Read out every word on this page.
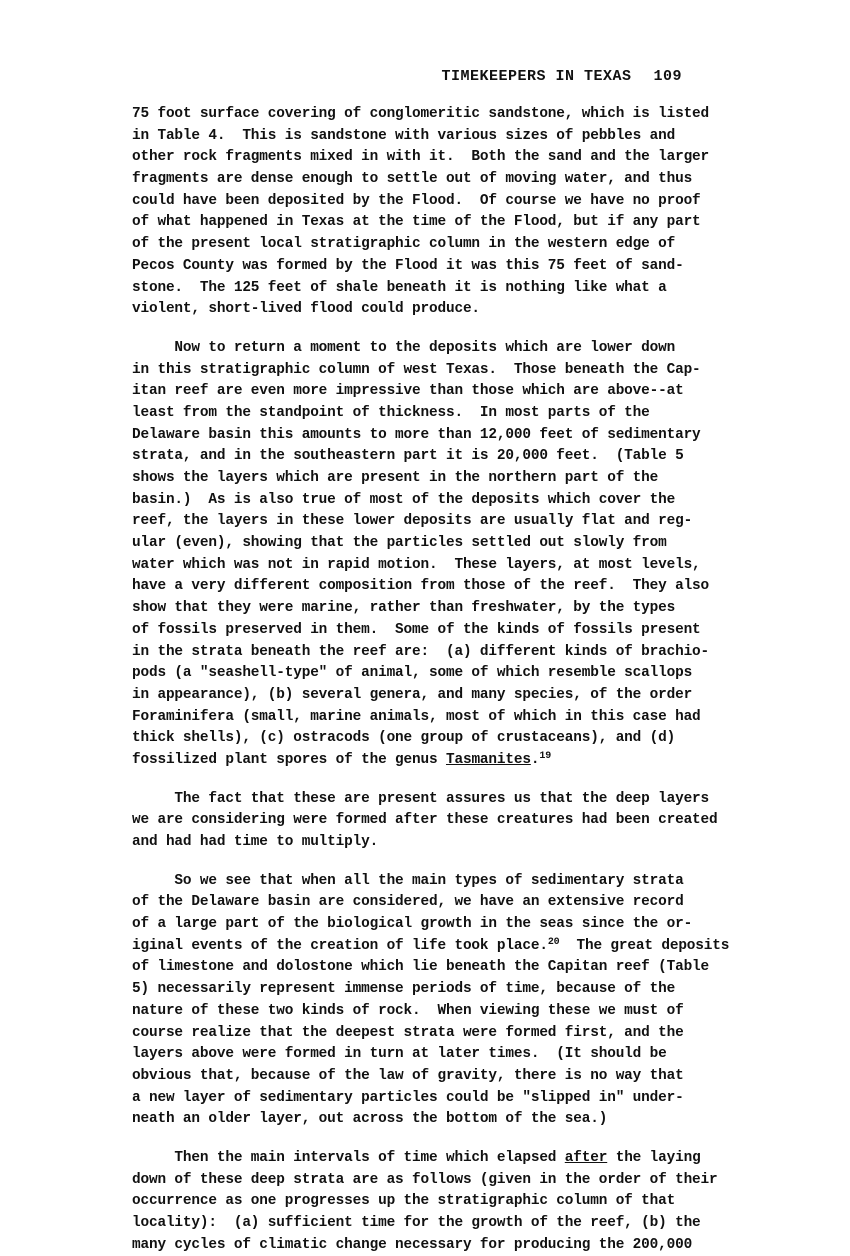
TIMEKEEPERS IN TEXAS 109
75 foot surface covering of conglomeritic sandstone, which is listed
in Table 4.  This is sandstone with various sizes of pebbles and
other rock fragments mixed in with it.  Both the sand and the larger
fragments are dense enough to settle out of moving water, and thus
could have been deposited by the Flood.  Of course we have no proof
of what happened in Texas at the time of the Flood, but if any part
of the present local stratigraphic column in the western edge of
Pecos County was formed by the Flood it was this 75 feet of sand-
stone.  The 125 feet of shale beneath it is nothing like what a
violent, short-lived flood could produce.
Now to return a moment to the deposits which are lower down
in this stratigraphic column of west Texas.  Those beneath the Cap-
itan reef are even more impressive than those which are above--at
least from the standpoint of thickness.  In most parts of the
Delaware basin this amounts to more than 12,000 feet of sedimentary
strata, and in the southeastern part it is 20,000 feet.  (Table 5
shows the layers which are present in the northern part of the
basin.)  As is also true of most of the deposits which cover the
reef, the layers in these lower deposits are usually flat and reg-
ular (even), showing that the particles settled out slowly from
water which was not in rapid motion.  These layers, at most levels,
have a very different composition from those of the reef.  They also
show that they were marine, rather than freshwater, by the types
of fossils preserved in them.  Some of the kinds of fossils present
in the strata beneath the reef are:  (a) different kinds of brachio-
pods (a "seashell-type" of animal, some of which resemble scallops
in appearance), (b) several genera, and many species, of the order
Foraminifera (small, marine animals, most of which in this case had
thick shells), (c) ostracods (one group of crustaceans), and (d)
fossilized plant spores of the genus Tasmanites.$^{19}$
The fact that these are present assures us that the deep layers
we are considering were formed after these creatures had been created
and had had time to multiply.
So we see that when all the main types of sedimentary strata
of the Delaware basin are considered, we have an extensive record
of a large part of the biological growth in the seas since the or-
iginal events of the creation of life took place.$^{20}$  The great deposits
of limestone and dolostone which lie beneath the Capitan reef (Table
5) necessarily represent immense periods of time, because of the
nature of these two kinds of rock.  When viewing these we must of
course realize that the deepest strata were formed first, and the
layers above were formed in turn at later times.  (It should be
obvious that, because of the law of gravity, there is no way that
a new layer of sedimentary particles could be "slipped in" under-
neath an older layer, out across the bottom of the sea.)
Then the main intervals of time which elapsed after the laying
down of these deep strata are as follows (given in the order of their
occurrence as one progresses up the stratigraphic column of that
locality):  (a) sufficient time for the growth of the reef, (b) the
many cycles of climatic change necessary for producing the 200,000
